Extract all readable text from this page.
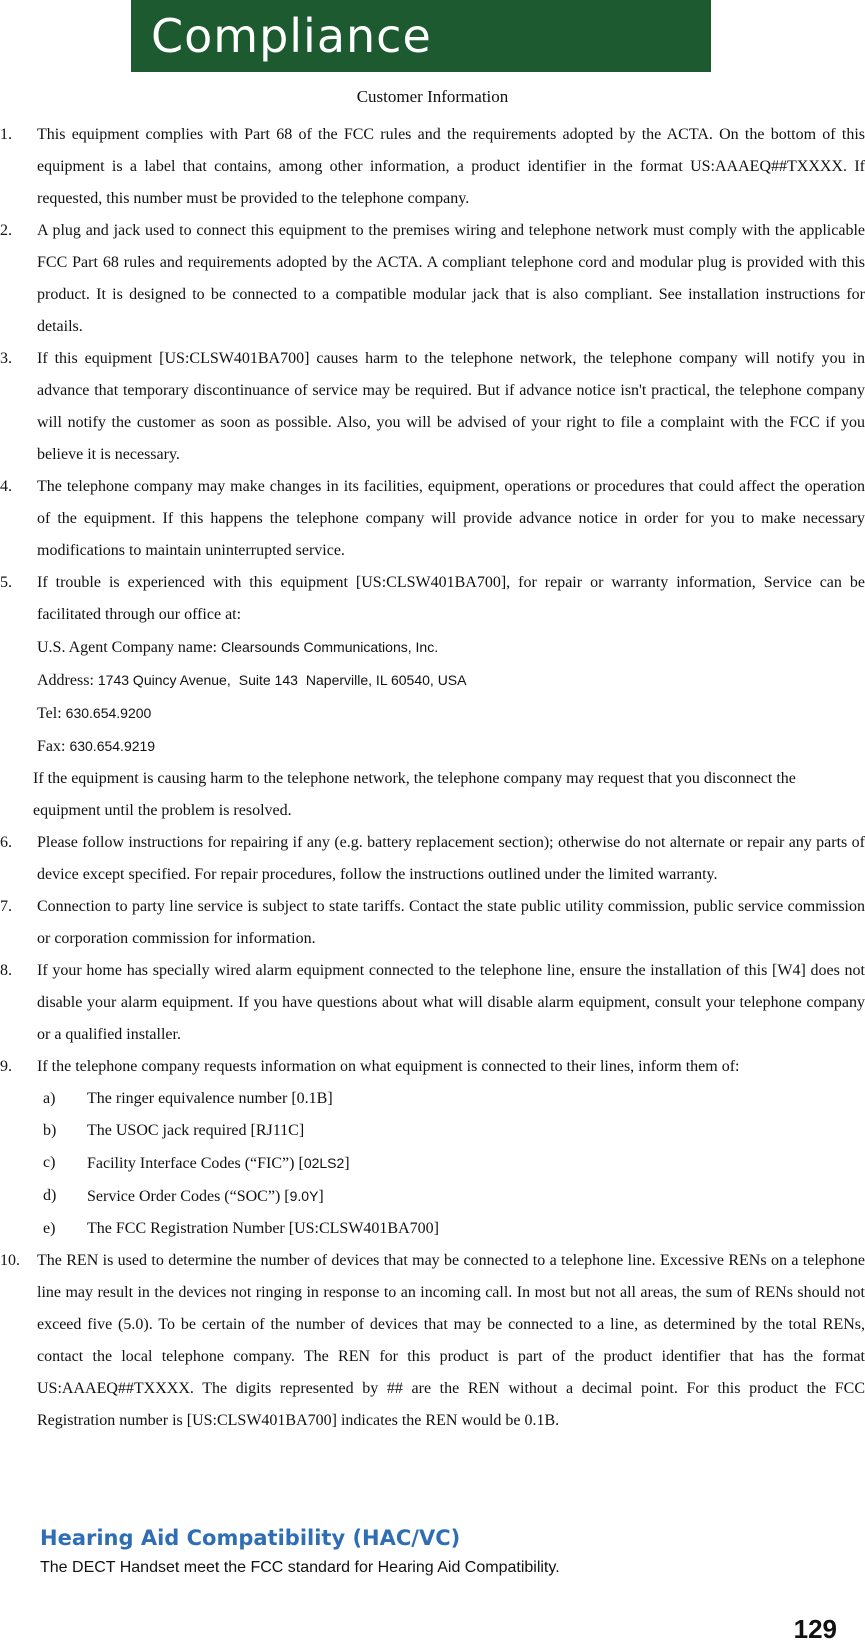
Compliance
Customer Information
1. This equipment complies with Part 68 of the FCC rules and the requirements adopted by the ACTA. On the bottom of this equipment is a label that contains, among other information, a product identifier in the format US:AAAEQ##TXXXX. If requested, this number must be provided to the telephone company.
2. A plug and jack used to connect this equipment to the premises wiring and telephone network must comply with the applicable FCC Part 68 rules and requirements adopted by the ACTA. A compliant telephone cord and modular plug is provided with this product. It is designed to be connected to a compatible modular jack that is also compliant. See installation instructions for details.
3. If this equipment [US:CLSW401BA700] causes harm to the telephone network, the telephone company will notify you in advance that temporary discontinuance of service may be required. But if advance notice isn't practical, the telephone company will notify the customer as soon as possible. Also, you will be advised of your right to file a complaint with the FCC if you believe it is necessary.
4. The telephone company may make changes in its facilities, equipment, operations or procedures that could affect the operation of the equipment. If this happens the telephone company will provide advance notice in order for you to make necessary modifications to maintain uninterrupted service.
5. If trouble is experienced with this equipment [US:CLSW401BA700], for repair or warranty information, Service can be facilitated through our office at:
U.S. Agent Company name: Clearsounds Communications, Inc.
Address: 1743 Quincy Avenue, Suite 143 Naperville, IL 60540, USA
Tel: 630.654.9200
Fax: 630.654.9219
If the equipment is causing harm to the telephone network, the telephone company may request that you disconnect the equipment until the problem is resolved.
6. Please follow instructions for repairing if any (e.g. battery replacement section); otherwise do not alternate or repair any parts of device except specified. For repair procedures, follow the instructions outlined under the limited warranty.
7. Connection to party line service is subject to state tariffs. Contact the state public utility commission, public service commission or corporation commission for information.
8. If your home has specially wired alarm equipment connected to the telephone line, ensure the installation of this [W4] does not disable your alarm equipment. If you have questions about what will disable alarm equipment, consult your telephone company or a qualified installer.
9. If the telephone company requests information on what equipment is connected to their lines, inform them of:
a) The ringer equivalence number [0.1B]
b) The USOC jack required [RJ11C]
c) Facility Interface Codes (“FIC”) [02LS2]
d) Service Order Codes (“SOC”) [9.0Y]
e) The FCC Registration Number [US:CLSW401BA700]
10. The REN is used to determine the number of devices that may be connected to a telephone line. Excessive RENs on a telephone line may result in the devices not ringing in response to an incoming call. In most but not all areas, the sum of RENs should not exceed five (5.0). To be certain of the number of devices that may be connected to a line, as determined by the total RENs, contact the local telephone company. The REN for this product is part of the product identifier that has the format US:AAAEQ##TXXXX. The digits represented by ## are the REN without a decimal point. For this product the FCC Registration number is [US:CLSW401BA700] indicates the REN would be 0.1B.
Hearing Aid Compatibility (HAC/VC)
The DECT Handset meet the FCC standard for Hearing Aid Compatibility.
129
